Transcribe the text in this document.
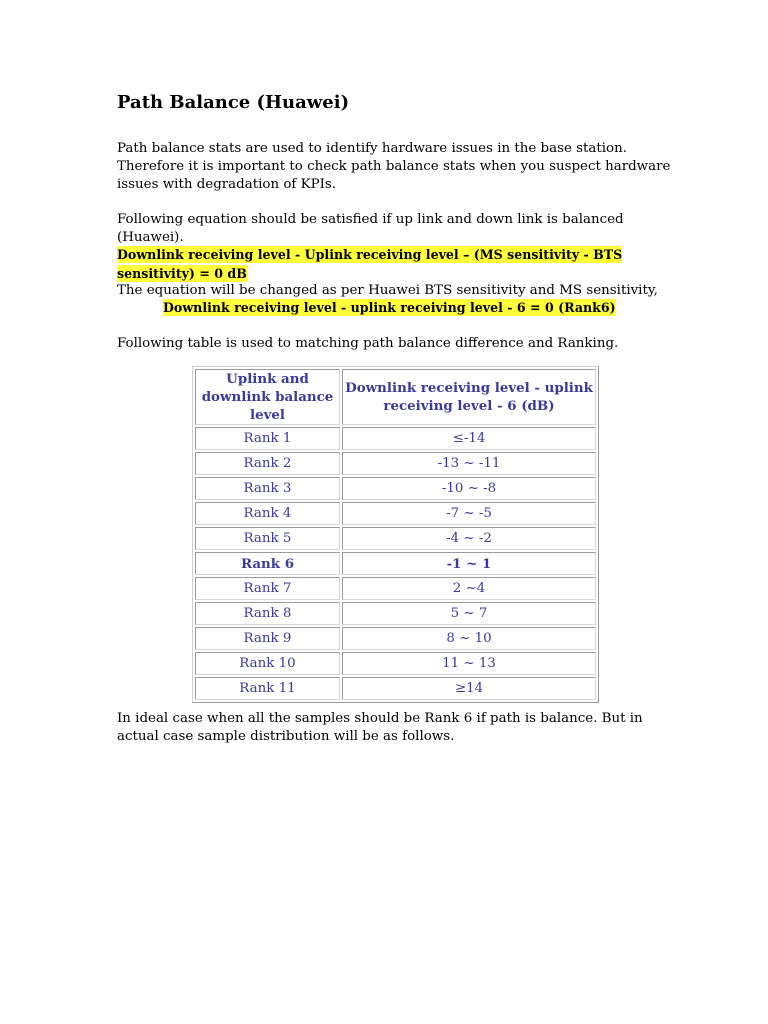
Path Balance (Huawei)

Path balance stats are used to identify hardware issues in the base station. Therefore it is important to check path balance stats when you suspect hardware issues with degradation of KPIs.

Following equation should be satisfied if up link and down link is balanced (Huawei).

Downlink receiving level - Uplink receiving level – (MS sensitivity - BTS sensitivity) = 0 dB

The equation will be changed as per Huawei BTS sensitivity and MS sensitivity,

Downlink receiving level - uplink receiving level - 6 = 0 (Rank6)

Following table is used to matching path balance difference and Ranking.

Uplink and downlink balance level	Downlink receiving level - uplink receiving level - 6 (dB)
Rank 1	≤-14
Rank 2	-13 ~ -11
Rank 3	-10 ~ -8
Rank 4	-7 ~ -5
Rank 5	-4 ~ -2
Rank 6	-1 ~ 1
Rank 7	2 ~4
Rank 8	5 ~ 7
Rank 9	8 ~ 10
Rank 10	11 ~ 13
Rank 11	≥14

In ideal case when all the samples should be Rank 6 if path is balance. But in actual case sample distribution will be as follows.
